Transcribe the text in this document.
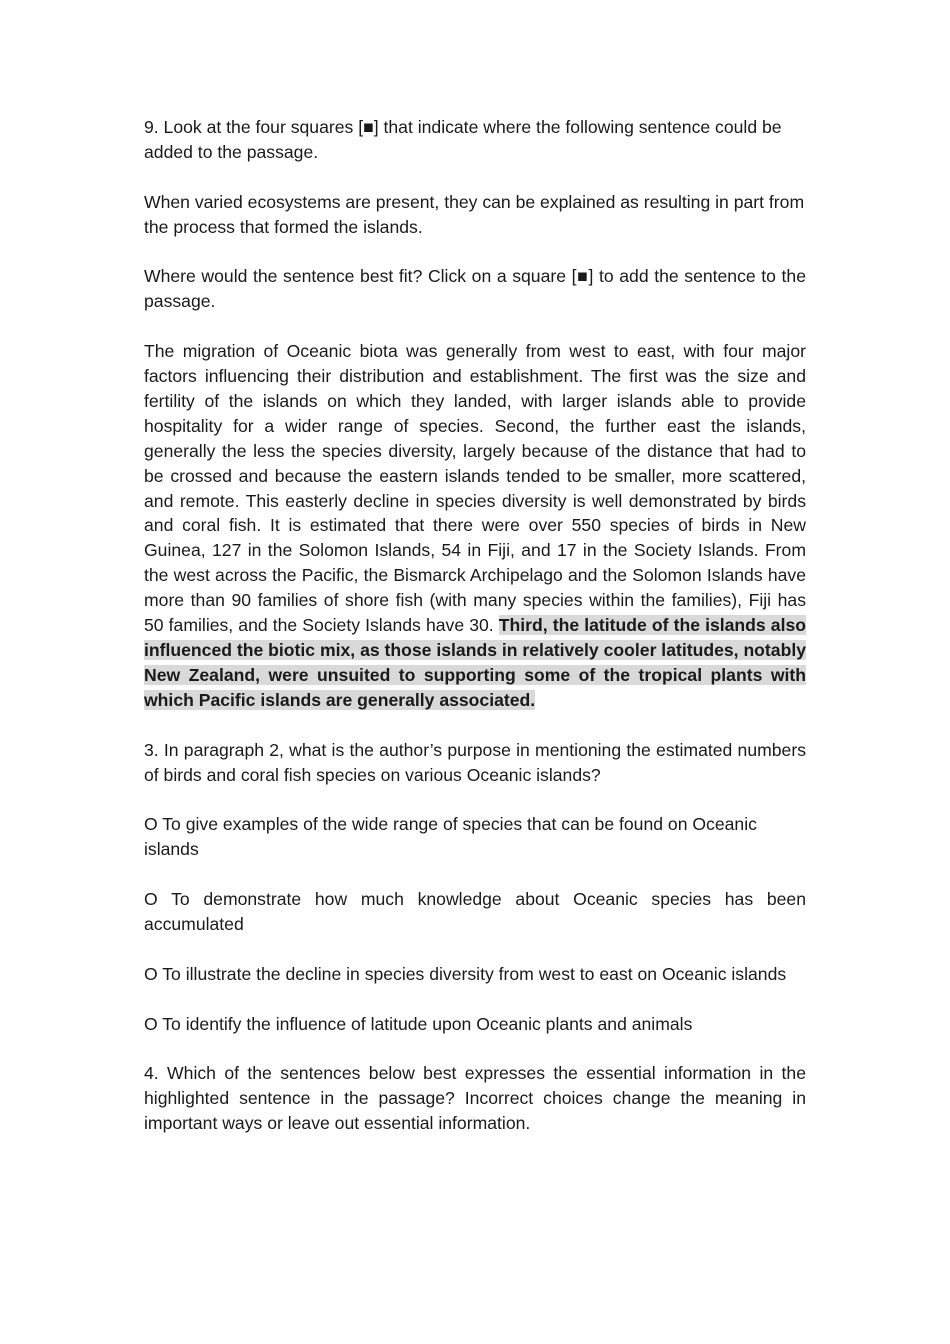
9. Look at the four squares [■] that indicate where the following sentence could be added to the passage.

When varied ecosystems are present, they can be explained as resulting in part from the process that formed the islands.

Where would the sentence best fit? Click on a square [■] to add the sentence to the passage.

The migration of Oceanic biota was generally from west to east, with four major factors influencing their distribution and establishment. The first was the size and fertility of the islands on which they landed, with larger islands able to provide hospitality for a wider range of species. Second, the further east the islands, generally the less the species diversity, largely because of the distance that had to be crossed and because the eastern islands tended to be smaller, more scattered, and remote. This easterly decline in species diversity is well demonstrated by birds and coral fish. It is estimated that there were over 550 species of birds in New Guinea, 127 in the Solomon Islands, 54 in Fiji, and 17 in the Society Islands. From the west across the Pacific, the Bismarck Archipelago and the Solomon Islands have more than 90 families of shore fish (with many species within the families), Fiji has 50 families, and the Society Islands have 30. Third, the latitude of the islands also influenced the biotic mix, as those islands in relatively cooler latitudes, notably New Zealand, were unsuited to supporting some of the tropical plants with which Pacific islands are generally associated.

3. In paragraph 2, what is the author’s purpose in mentioning the estimated numbers of birds and coral fish species on various Oceanic islands?

O To give examples of the wide range of species that can be found on Oceanic islands

O To demonstrate how much knowledge about Oceanic species has been accumulated

O To illustrate the decline in species diversity from west to east on Oceanic islands

O To identify the influence of latitude upon Oceanic plants and animals

4. Which of the sentences below best expresses the essential information in the highlighted sentence in the passage? Incorrect choices change the meaning in important ways or leave out essential information.
